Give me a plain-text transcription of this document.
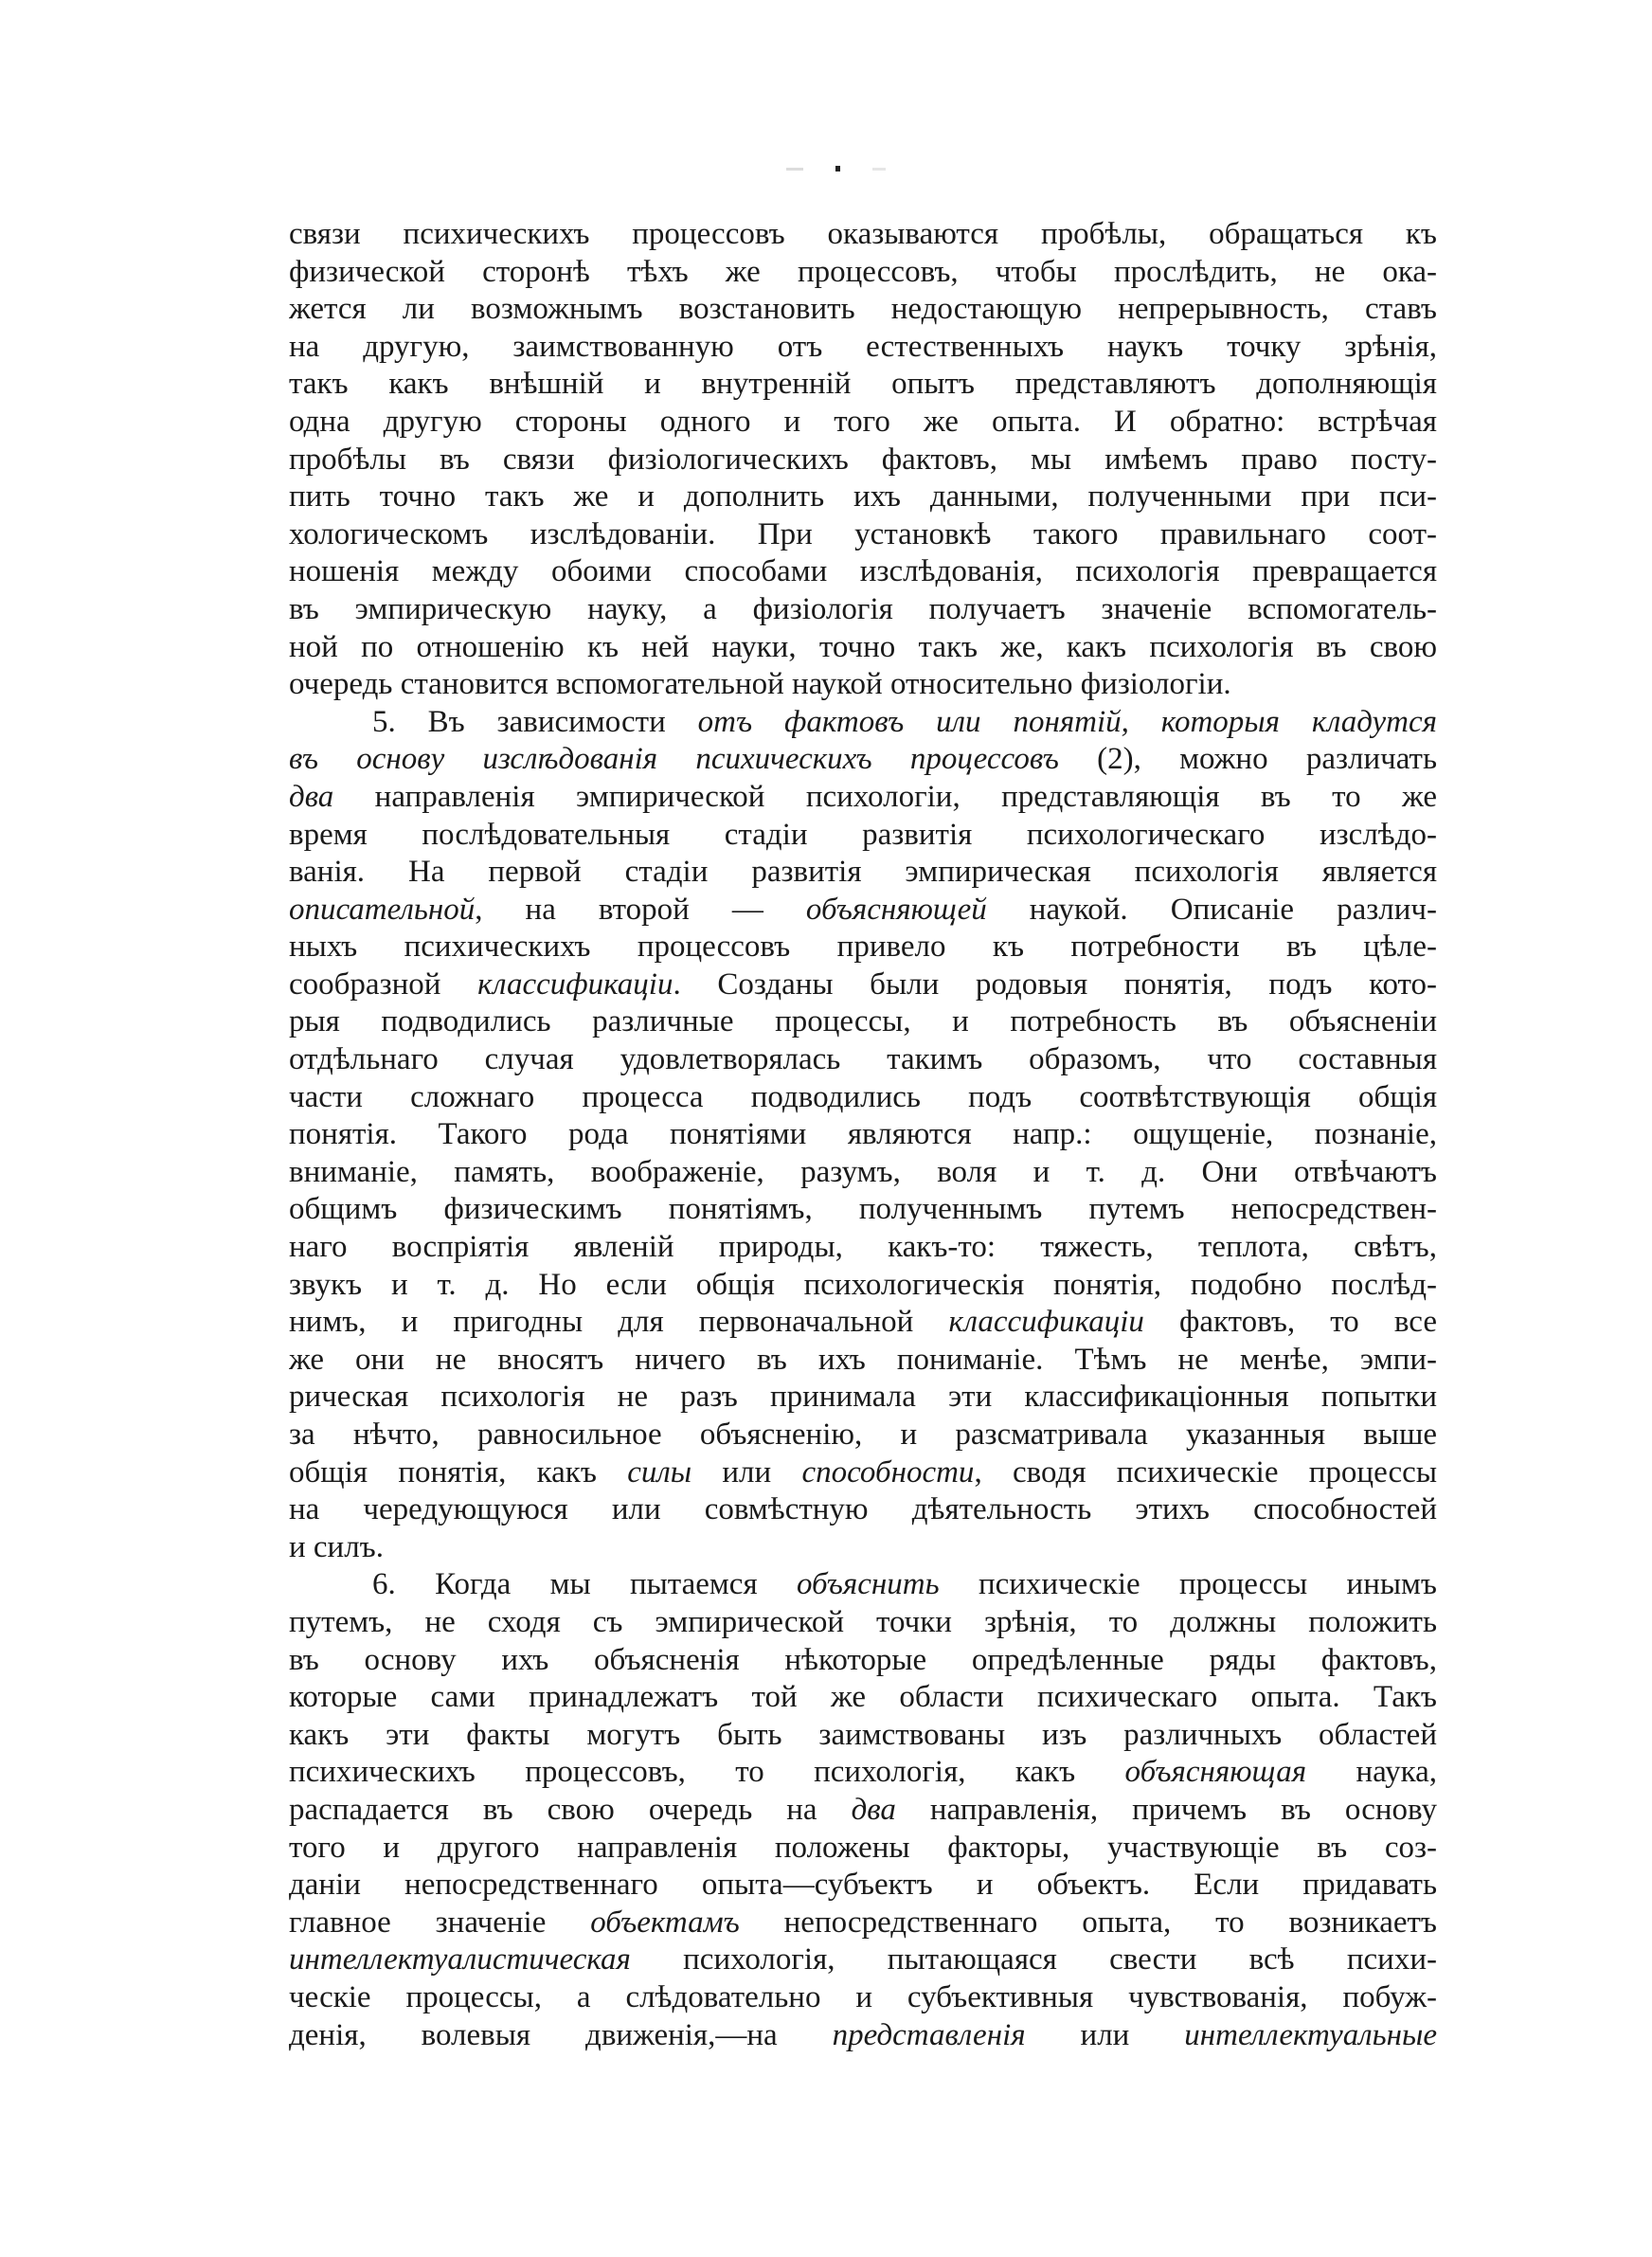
связи психическихъ процессовъ оказываются пробѣлы, обращаться къ
физической сторонѣ тѣхъ же процессовъ, чтобы прослѣдить, не ока-
жется ли возможнымъ возстановить недостающую непрерывность, ставъ
на другую, заимствованную отъ естественныхъ наукъ точку зрѣнія,
такъ какъ внѣшній и внутренній опытъ представляютъ дополняющія
одна другую стороны одного и того же опыта. И обратно: встрѣчая
пробѣлы въ связи физіологическихъ фактовъ, мы имѣемъ право посту-
пить точно такъ же и дополнить ихъ данными, полученными при пси-
хологическомъ изслѣдованіи. При установкѣ такого правильнаго соот-
ношенія между обоими способами изслѣдованія, психологія превращается
въ эмпирическую науку, а физіологія получаетъ значеніе вспомогатель-
ной по отношенію къ ней науки, точно такъ же, какъ психологія въ свою
очередь становится вспомогательной наукой относительно физіологіи.
5. Въ зависимости отъ фактовъ или понятій, которыя кладутся
въ основу изслѣдованія психическихъ процессовъ (2), можно различать
два направленія эмпирической психологіи, представляющія въ то же
время послѣдовательныя стадіи развитія психологическаго изслѣдо-
ванія. На первой стадіи развитія эмпирическая психологія является
описательной, на второй — объясняющей наукой. Описаніе различ-
ныхъ психическихъ процессовъ привело къ потребности въ цѣле-
сообразной классификаціи. Созданы были родовыя понятія, подъ кото-
рыя подводились различные процессы, и потребность въ объясненіи
отдѣльнаго случая удовлетворялась такимъ образомъ, что составныя
части сложнаго процесса подводились подъ соотвѣтствующія общія
понятія. Такого рода понятіями являются напр.: ощущеніе, познаніе,
вниманіе, память, воображеніе, разумъ, воля и т. д. Они отвѣчаютъ
общимъ физическимъ понятіямъ, полученнымъ путемъ непосредствен-
наго воспріятія явленій природы, какъ-то: тяжесть, теплота, свѣтъ,
звукъ и т. д. Но если общія психологическія понятія, подобно послѣд-
нимъ, и пригодны для первоначальной классификаціи фактовъ, то все
же они не вносятъ ничего въ ихъ пониманіе. Тѣмъ не менѣе, эмпи-
рическая психологія не разъ принимала эти классификаціонныя попытки
за нѣчто, равносильное объясненію, и разсматривала указанныя выше
общія понятія, какъ силы или способности, сводя психическіе процессы
на чередующуюся или совмѣстную дѣятельность этихъ способностей
и силъ.
6. Когда мы пытаемся объяснить психическіе процессы инымъ
путемъ, не сходя съ эмпирической точки зрѣнія, то должны положить
въ основу ихъ объясненія нѣкоторые опредѣленные ряды фактовъ,
которые сами принадлежатъ той же области психическаго опыта. Такъ
какъ эти факты могутъ быть заимствованы изъ различныхъ областей
психическихъ процессовъ, то психологія, какъ объясняющая наука,
распадается въ свою очередь на два направленія, причемъ въ основу
того и другого направленія положены факторы, участвующіе въ соз-
даніи непосредственнаго опыта—субъектъ и объектъ. Если придавать
главное значеніе объектамъ непосредственнаго опыта, то возникаетъ
интеллектуалистическая психологія, пытающаяся свести всѣ психи-
ческіе процессы, а слѣдовательно и субъективныя чувствованія, побуж-
денія, волевыя движенія,—на представленія или интеллектуальные
